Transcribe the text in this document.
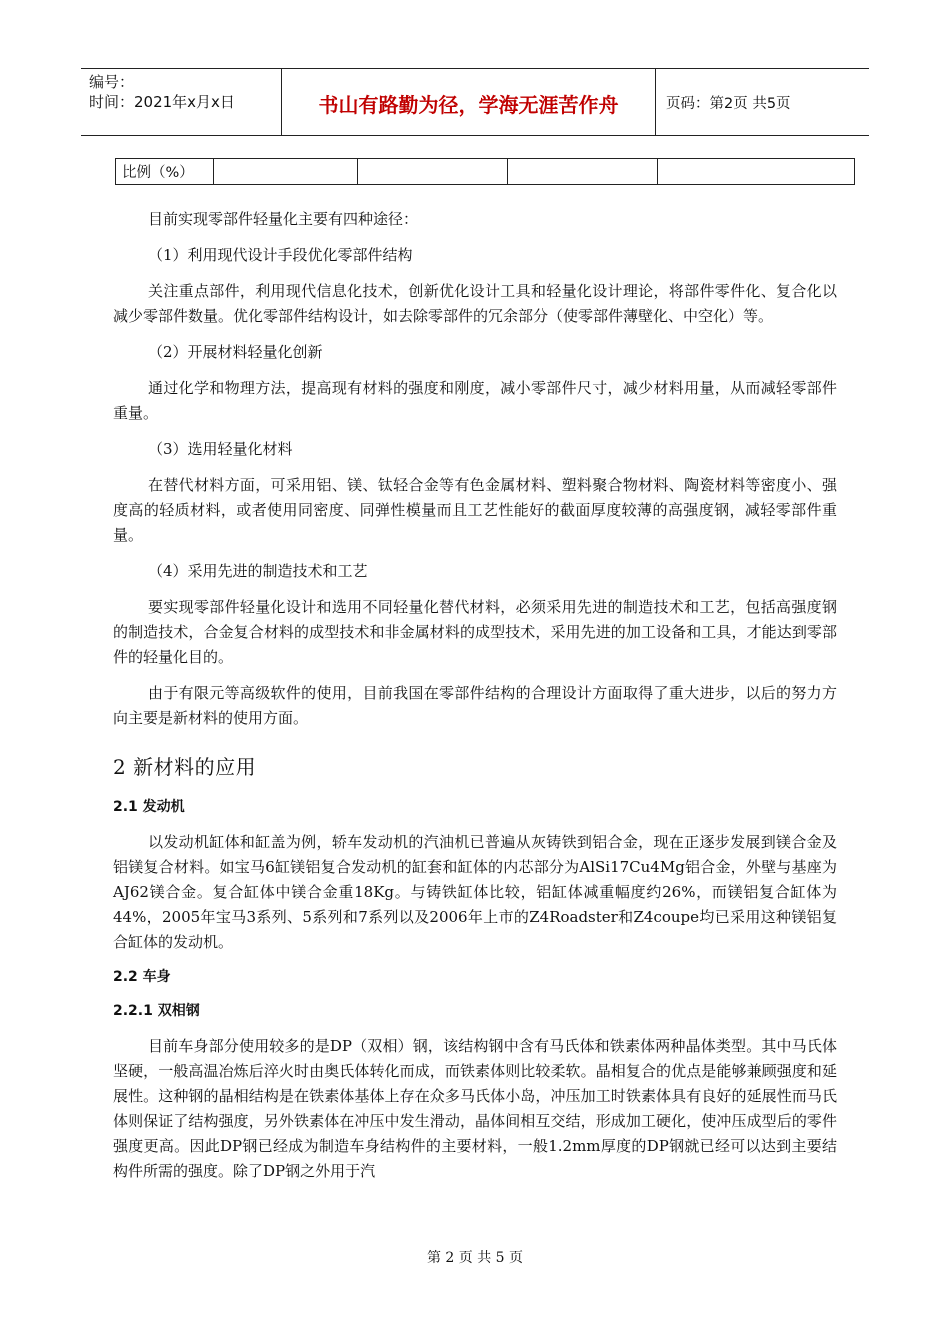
编号：
时间：2021年x月x日	书山有路勤为径，学海无涯苦作舟	页码：第2页 共5页
比例（%）				

目前实现零部件轻量化主要有四种途径：

（1）利用现代设计手段优化零部件结构

关注重点部件，利用现代信息化技术，创新优化设计工具和轻量化设计理论，将部件零件化、复合化以减少零部件数量。优化零部件结构设计，如去除零部件的冗余部分（使零部件薄壁化、中空化）等。

（2）开展材料轻量化创新

通过化学和物理方法，提高现有材料的强度和刚度，减小零部件尺寸，减少材料用量，从而减轻零部件重量。

（3）选用轻量化材料

在替代材料方面，可采用铝、镁、钛轻合金等有色金属材料、塑料聚合物材料、陶瓷材料等密度小、强度高的轻质材料，或者使用同密度、同弹性模量而且工艺性能好的截面厚度较薄的高强度钢，减轻零部件重量。

（4）采用先进的制造技术和工艺

要实现零部件轻量化设计和选用不同轻量化替代材料，必须采用先进的制造技术和工艺，包括高强度钢的制造技术，合金复合材料的成型技术和非金属材料的成型技术，采用先进的加工设备和工具，才能达到零部件的轻量化目的。

由于有限元等高级软件的使用，目前我国在零部件结构的合理设计方面取得了重大进步，以后的努力方向主要是新材料的使用方面。

2 新材料的应用
2.1 发动机

以发动机缸体和缸盖为例，轿车发动机的汽油机已普遍从灰铸铁到铝合金，现在正逐步发展到镁合金及铝镁复合材料。如宝马6缸镁铝复合发动机的缸套和缸体的内芯部分为AlSi17Cu4Mg铝合金，外壁与基座为AJ62镁合金。复合缸体中镁合金重18Kg。与铸铁缸体比较，铝缸体减重幅度约26%，而镁铝复合缸体为44%，2005年宝马3系列、5系列和7系列以及2006年上市的Z4Roadster和Z4coupe均已采用这种镁铝复合缸体的发动机。

2.2 车身
2.2.1 双相钢

目前车身部分使用较多的是DP（双相）钢，该结构钢中含有马氏体和铁素体两种晶体类型。其中马氏体坚硬，一般高温冶炼后淬火时由奥氏体转化而成，而铁素体则比较柔软。晶相复合的优点是能够兼顾强度和延展性。这种钢的晶相结构是在铁素体基体上存在众多马氏体小岛，冲压加工时铁素体具有良好的延展性而马氏体则保证了结构强度，另外铁素体在冲压中发生滑动，晶体间相互交结，形成加工硬化，使冲压成型后的零件强度更高。因此DP钢已经成为制造车身结构件的主要材料，一般1.2mm厚度的DP钢就已经可以达到主要结构件所需的强度。除了DP钢之外用于汽

第 2 页 共 5 页
